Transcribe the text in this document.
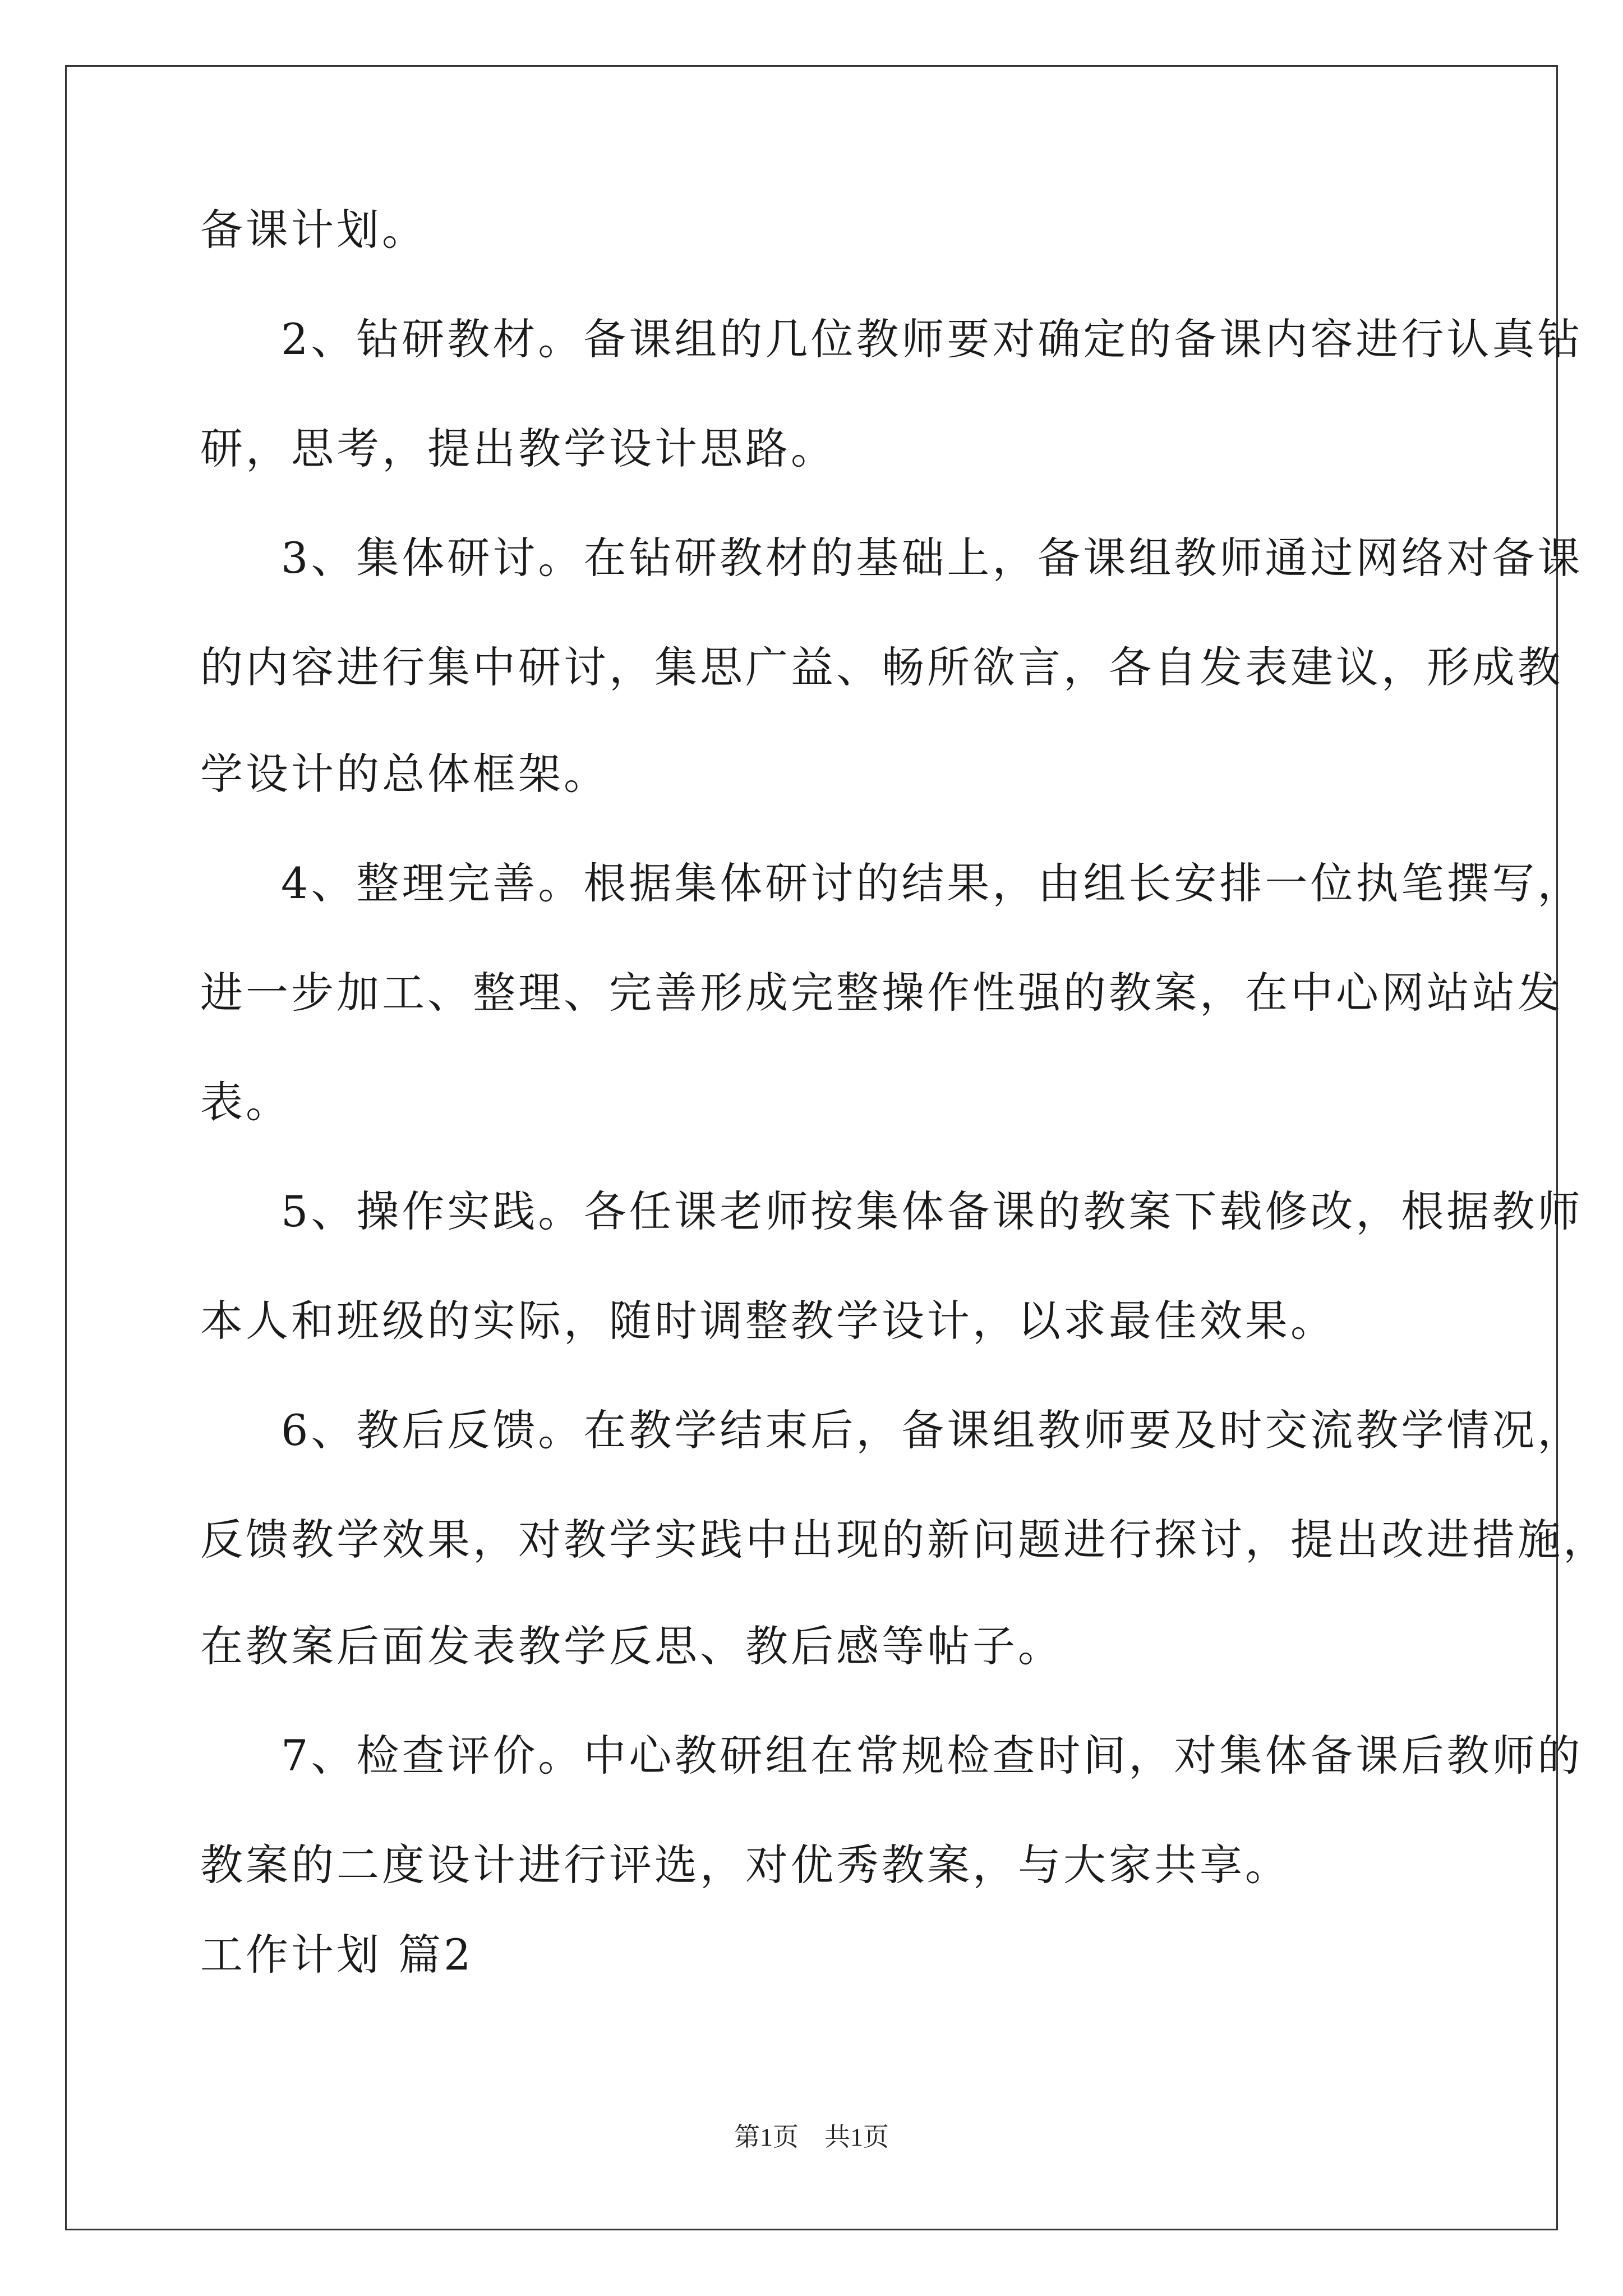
备课计划。
2、钻研教材。备课组的几位教师要对确定的备课内容进行认真钻
研，思考，提出教学设计思路。
3、集体研讨。在钻研教材的基础上，备课组教师通过网络对备课
的内容进行集中研讨，集思广益、畅所欲言，各自发表建议，形成教
学设计的总体框架。
4、整理完善。根据集体研讨的结果，由组长安排一位执笔撰写，
进一步加工、整理、完善形成完整操作性强的教案，在中心网站站发
表。
5、操作实践。各任课老师按集体备课的教案下载修改，根据教师
本人和班级的实际，随时调整教学设计，以求最佳效果。
6、教后反馈。在教学结束后，备课组教师要及时交流教学情况，
反馈教学效果，对教学实践中出现的新问题进行探讨，提出改进措施，
在教案后面发表教学反思、教后感等帖子。
7、检查评价。中心教研组在常规检查时间，对集体备课后教师的
教案的二度设计进行评选，对优秀教案，与大家共享。
工作计划 篇2
第1页　共1页
